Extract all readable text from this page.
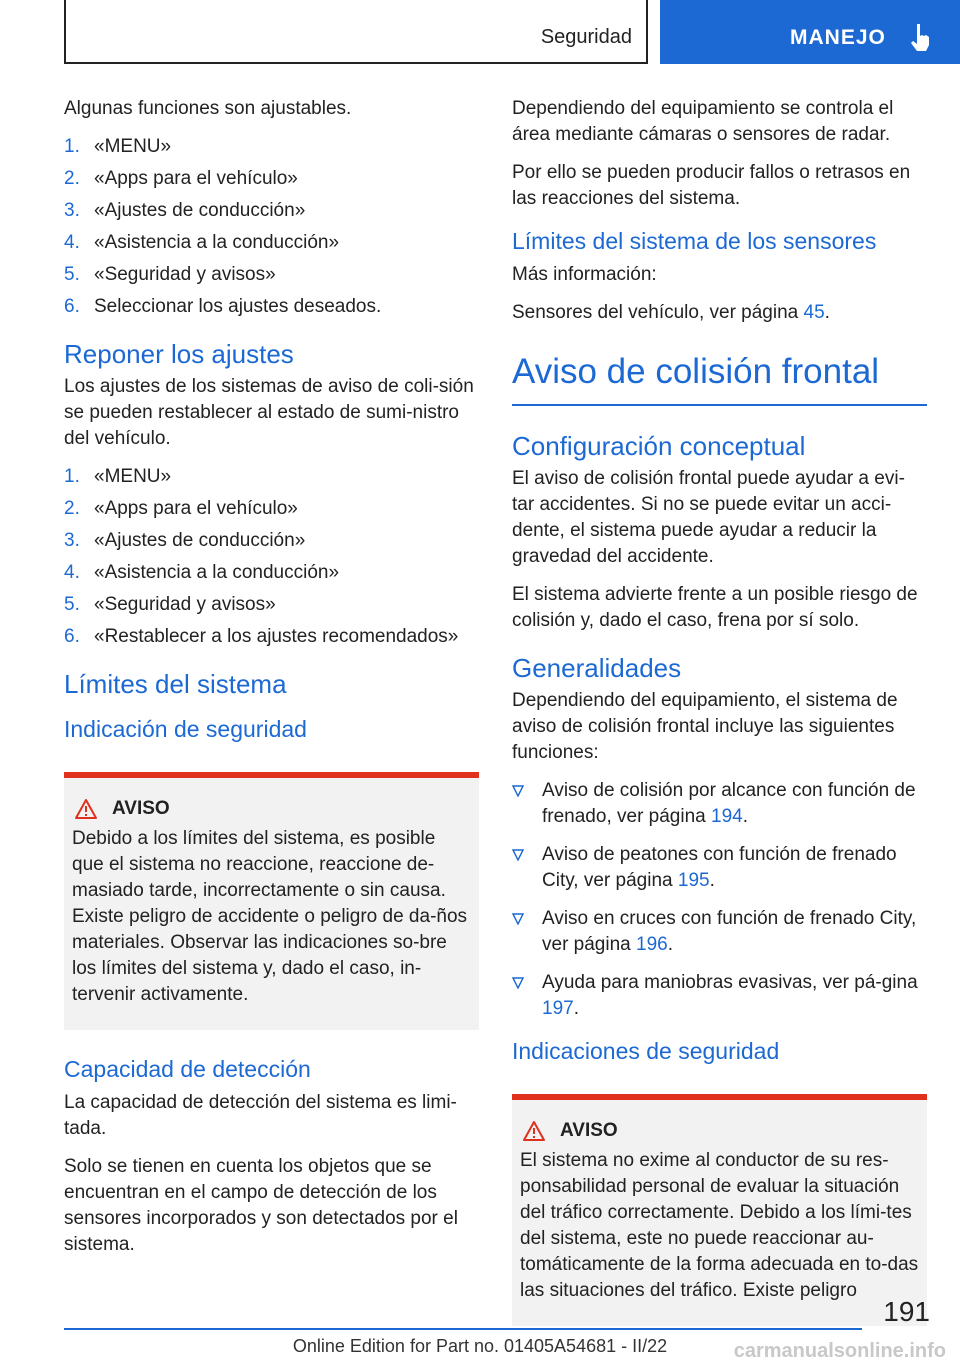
Seguridad	MANEJO

Algunas funciones son ajustables.

1. «MENU»
2. «Apps para el vehículo»
3. «Ajustes de conducción»
4. «Asistencia a la conducción»
5. «Seguridad y avisos»
6. Seleccionar los ajustes deseados.
Reponer los ajustes

Los ajustes de los sistemas de aviso de coli-sión se pueden restablecer al estado de sumi-nistro del vehículo.

1. «MENU»
2. «Apps para el vehículo»
3. «Ajustes de conducción»
4. «Asistencia a la conducción»
5. «Seguridad y avisos»
6. «Restablecer a los ajustes recomendados»
Límites del sistema
Indicación de seguridad
AVISO

Debido a los límites del sistema, es posible que el sistema no reaccione, reaccione de-masiado tarde, incorrectamente o sin causa. Existe peligro de accidente o peligro de da-ños materiales. Observar las indicaciones so-bre los límites del sistema y, dado el caso, in-tervenir activamente.

Capacidad de detección

La capacidad de detección del sistema es limi-tada.

Solo se tienen en cuenta los objetos que se encuentran en el campo de detección de los sensores incorporados y son detectados por el sistema.

Dependiendo del equipamiento se controla el área mediante cámaras o sensores de radar.

Por ello se pueden producir fallos o retrasos en las reacciones del sistema.

Límites del sistema de los sensores

Más información:

Sensores del vehículo, ver página 45.

Aviso de colisión frontal
Configuración conceptual

El aviso de colisión frontal puede ayudar a evi-tar accidentes. Si no se puede evitar un acci-dente, el sistema puede ayudar a reducir la gravedad del accidente.

El sistema advierte frente a un posible riesgo de colisión y, dado el caso, frena por sí solo.

Generalidades

Dependiendo del equipamiento, el sistema de aviso de colisión frontal incluye las siguientes funciones:

Aviso de colisión por alcance con función de frenado, ver página 194.
Aviso de peatones con función de frenado City, ver página 195.
Aviso en cruces con función de frenado City, ver página 196.
Ayuda para maniobras evasivas, ver pá-gina 197.
Indicaciones de seguridad
AVISO

El sistema no exime al conductor de su res-ponsabilidad personal de evaluar la situación del tráfico correctamente. Debido a los lími-tes del sistema, este no puede reaccionar au-tomáticamente de la forma adecuada en to-das las situaciones del tráfico. Existe peligro

191
Online Edition for Part no. 01405A54681 - II/22	carmanualsonline.info
